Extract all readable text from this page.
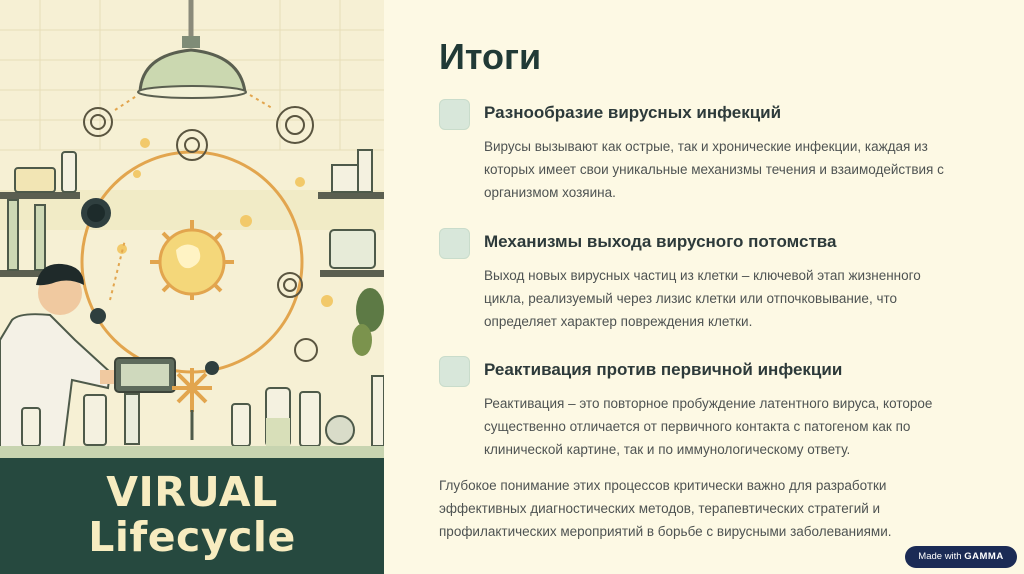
VIRUAL
Lifecycle
Итоги
Разнообразие вирусных инфекций
Вирусы вызывают как острые, так и хронические инфекции, каждая из которых имеет свои уникальные механизмы течения и взаимодействия с организмом хозяина.
Механизмы выхода вирусного потомства
Выход новых вирусных частиц из клетки – ключевой этап жизненного цикла, реализуемый через лизис клетки или отпочковывание, что определяет характер повреждения клетки.
Реактивация против первичной инфекции
Реактивация – это повторное пробуждение латентного вируса, которое существенно отличается от первичного контакта с патогеном как по клинической картине, так и по иммунологическому ответу.

Глубокое понимание этих процессов критически важно для разработки эффективных диагностических методов, терапевтических стратегий и профилактических мероприятий в борьбе с вирусными заболеваниями.

Made with GAMMA
